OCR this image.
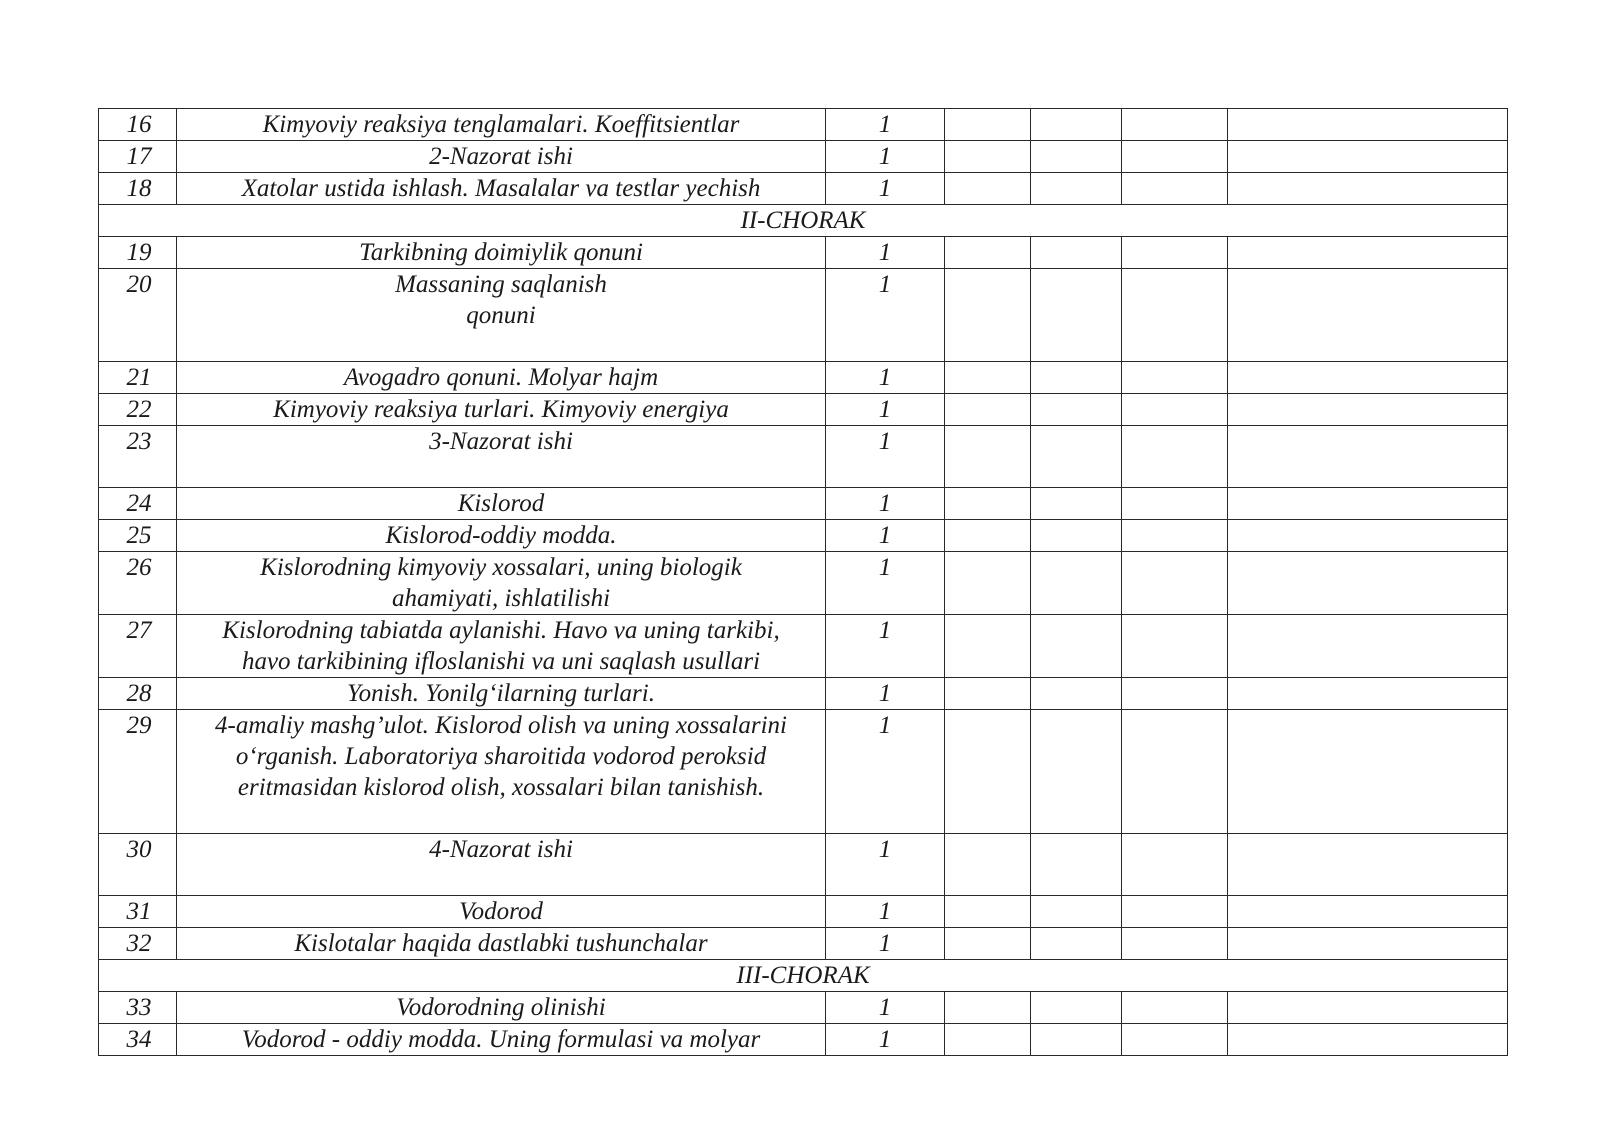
16	Kimyoviy reaksiya tenglamalari. Koeffitsientlar	1				
17	2-Nazorat ishi	1				
18	Xatolar ustida ishlash. Masalalar va testlar yechish	1				
II-CHORAK						
19	Tarkibning doimiylik qonuni	1				
20	Massaning saqlanish
qonuni	1				
21	Avogadro qonuni. Molyar hajm	1				
22	Kimyoviy reaksiya turlari. Kimyoviy energiya	1				
23	3-Nazorat ishi	1				
24	Kislorod	1				
25	Kislorod-oddiy modda.	1				
26	Kislorodning kimyoviy xossalari, uning biologik
ahamiyati, ishlatilishi	1				
27	Kislorodning tabiatda aylanishi. Havo va uning tarkibi,
havo tarkibining ifloslanishi va uni saqlash usullari	1				
28	Yonish. Yonilg‘ilarning turlari.	1				
29	4-amaliy mashg’ulot. Kislorod olish va uning xossalarini
o‘rganish. Laboratoriya sharoitida vodorod peroksid
eritmasidan kislorod olish, xossalari bilan tanishish.	1				
30	4-Nazorat ishi	1				
31	Vodorod	1				
32	Kislotalar haqida dastlabki tushunchalar	1				
III-CHORAK						
33	Vodorodning olinishi	1				
34	Vodorod - oddiy modda. Uning formulasi va molyar	1				
